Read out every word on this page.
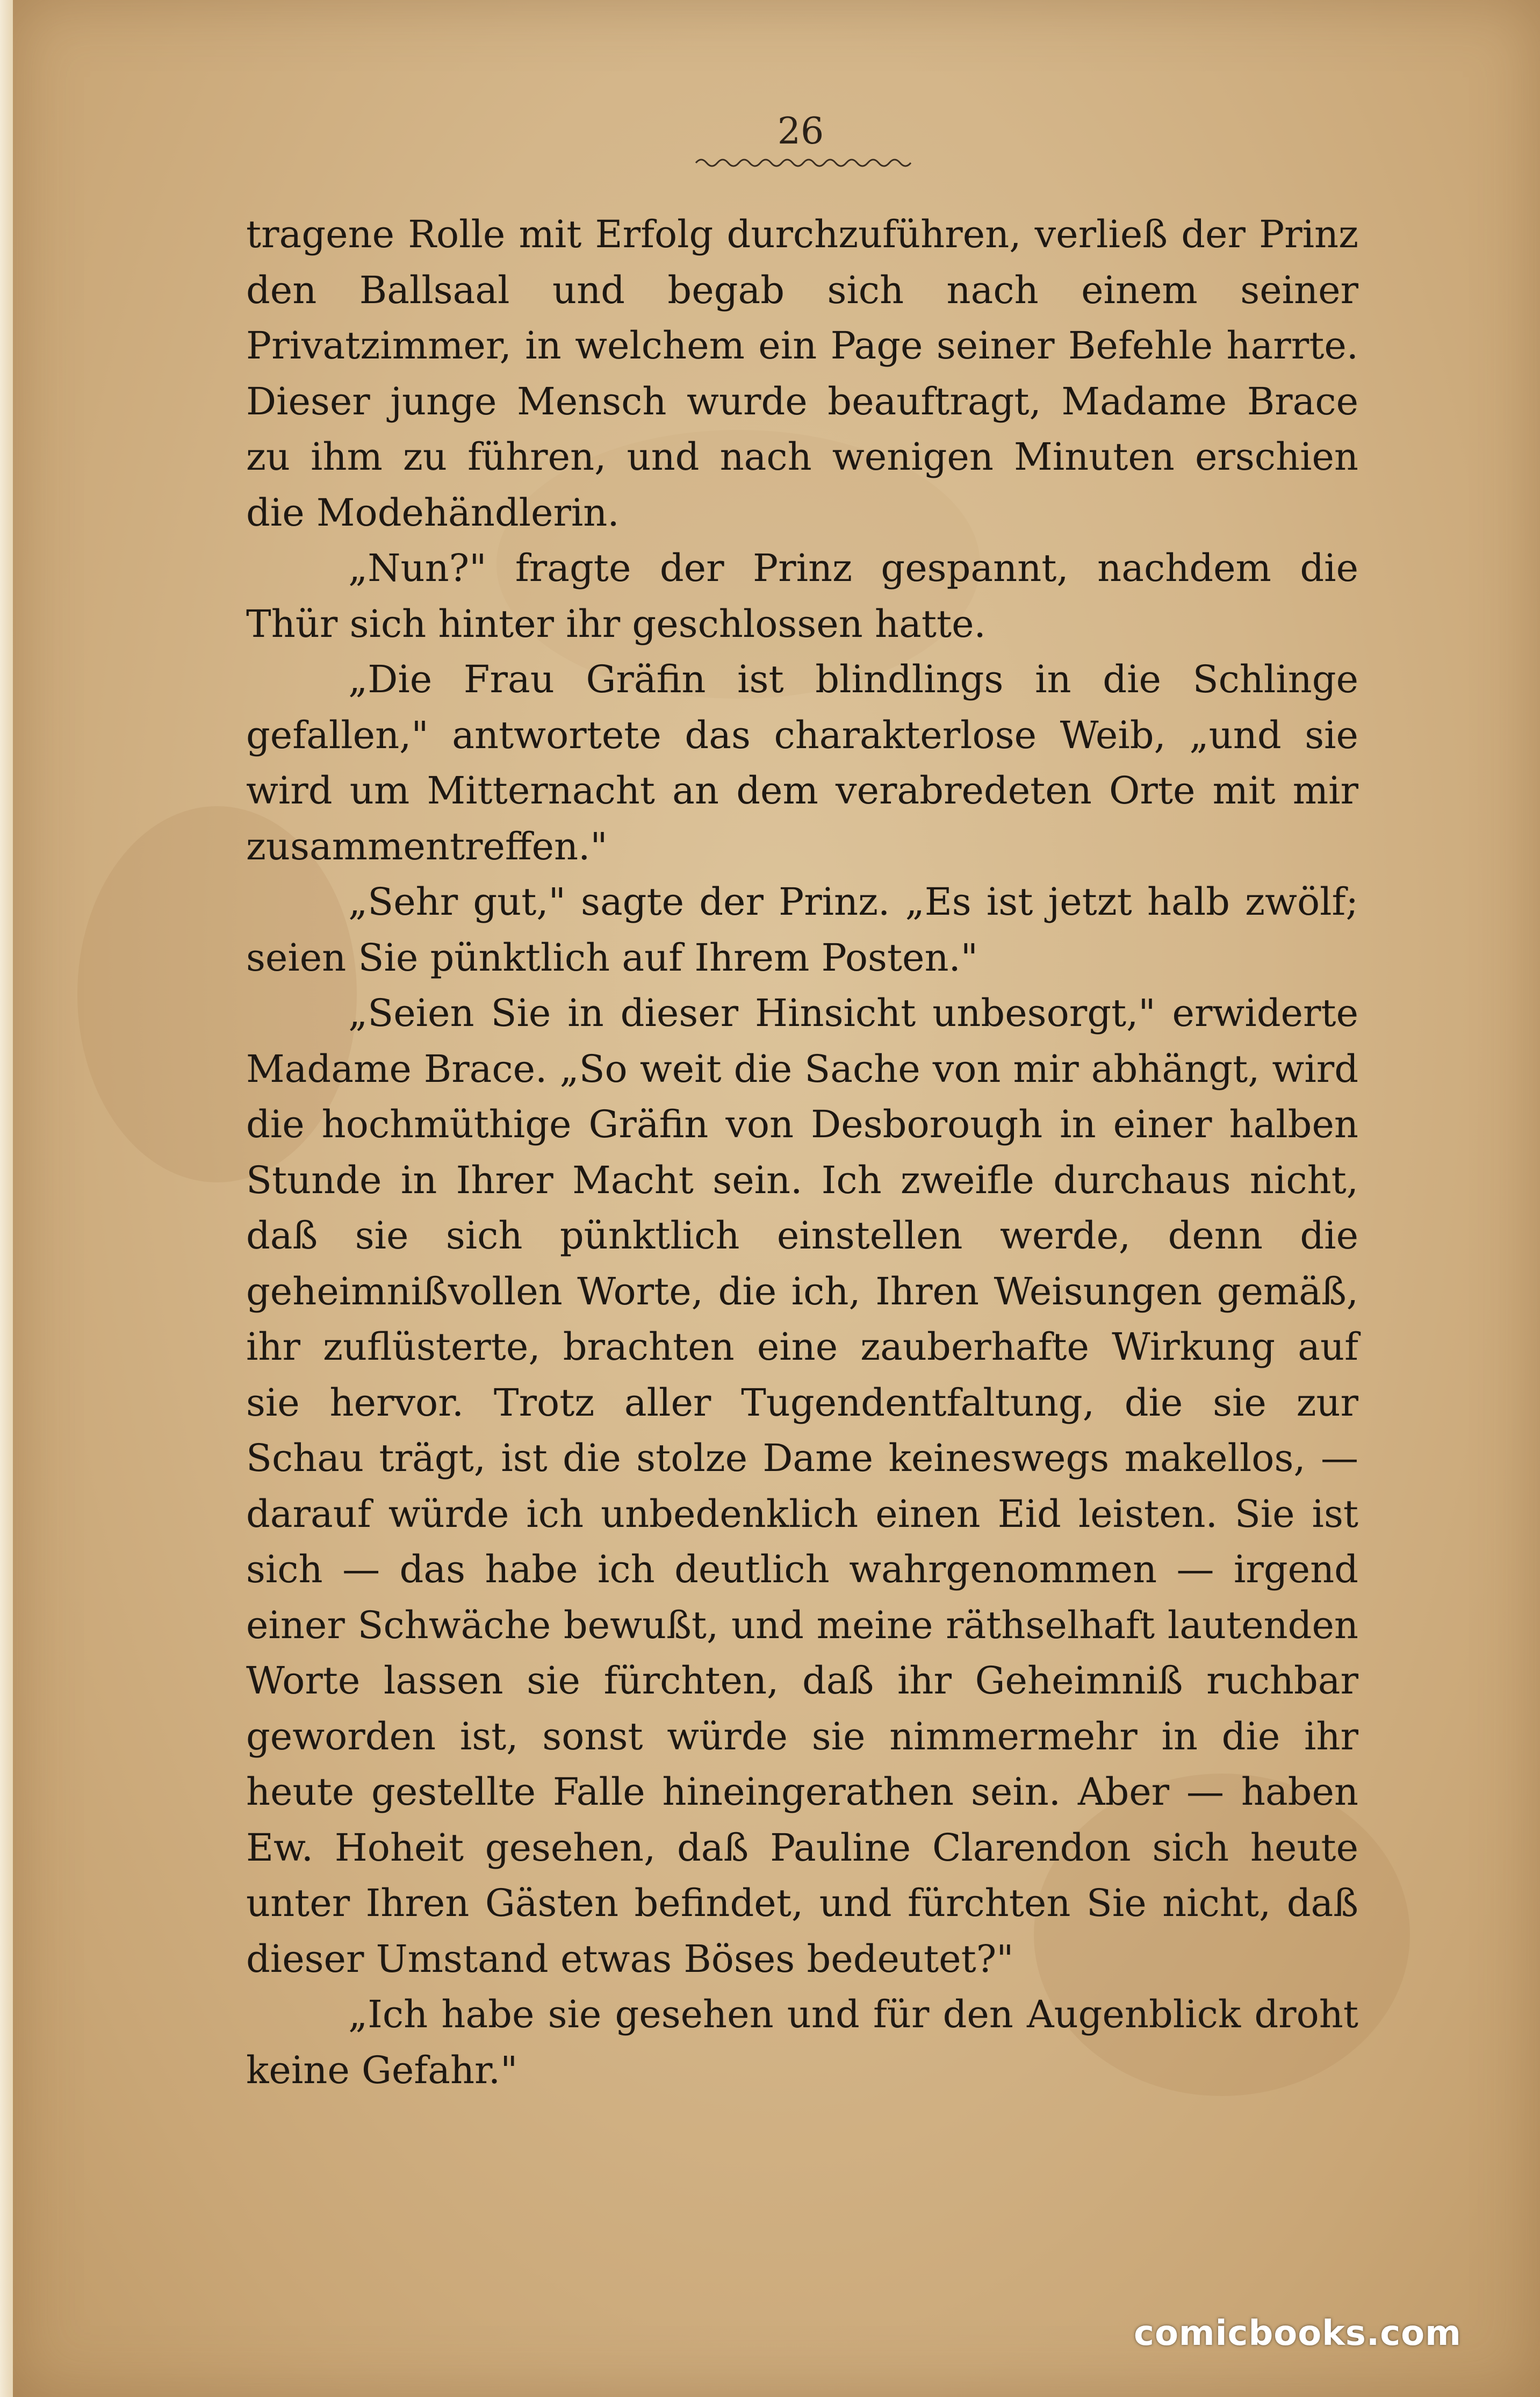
26

tragene Rolle mit Erfolg durchzuführen, verließ der Prinz den Ballsaal und begab sich nach einem seiner Privatzimmer, in welchem ein Page seiner Befehle harrte. Dieser junge Mensch wurde beauftragt, Madame Brace zu ihm zu führen, und nach wenigen Minuten erschien die Modehändlerin.

„Nun?" fragte der Prinz gespannt, nachdem die Thür sich hinter ihr geschlossen hatte.

„Die Frau Gräfin ist blindlings in die Schlinge gefallen," antwortete das charakterlose Weib, „und sie wird um Mitternacht an dem verabredeten Orte mit mir zusammentreffen."

„Sehr gut," sagte der Prinz. „Es ist jetzt halb zwölf; seien Sie pünktlich auf Ihrem Posten."

„Seien Sie in dieser Hinsicht unbesorgt," erwiderte Madame Brace. „So weit die Sache von mir abhängt, wird die hochmüthige Gräfin von Desborough in einer halben Stunde in Ihrer Macht sein. Ich zweifle durchaus nicht, daß sie sich pünktlich einstellen werde, denn die geheimnißvollen Worte, die ich, Ihren Weisungen gemäß, ihr zuflüsterte, brachten eine zauberhafte Wirkung auf sie hervor. Trotz aller Tugendentfaltung, die sie zur Schau trägt, ist die stolze Dame keineswegs makellos, — darauf würde ich unbedenklich einen Eid leisten. Sie ist sich — das habe ich deutlich wahrgenommen — irgend einer Schwäche bewußt, und meine räthselhaft lautenden Worte lassen sie fürchten, daß ihr Geheimniß ruchbar geworden ist, sonst würde sie nimmermehr in die ihr heute gestellte Falle hineingerathen sein. Aber — haben Ew. Hoheit gesehen, daß Pauline Clarendon sich heute unter Ihren Gästen befindet, und fürchten Sie nicht, daß dieser Umstand etwas Böses bedeutet?"

„Ich habe sie gesehen und für den Augenblick droht keine Gefahr."

comicbooks.com
